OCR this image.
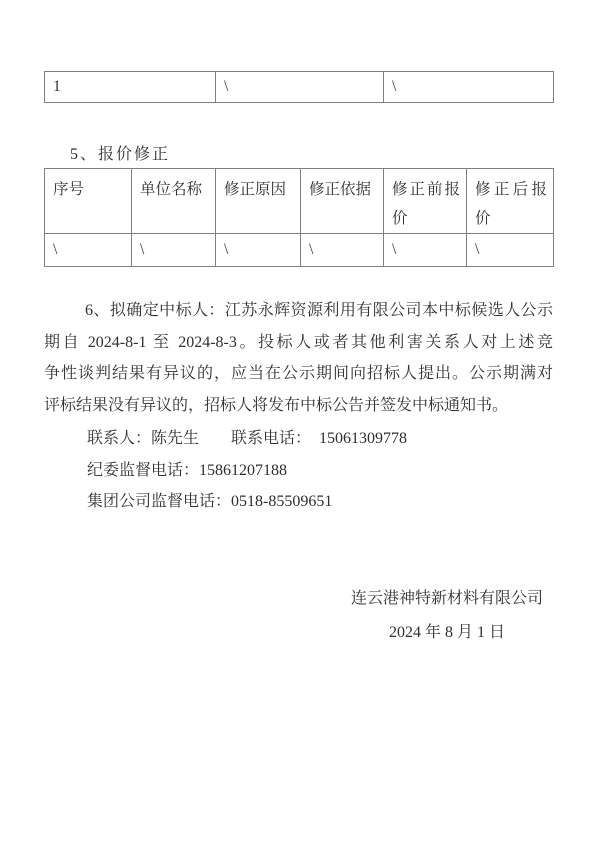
1	\	\
5、报价修正
序号	单位名称	修正原因	修正依据	修正前报价	修正后报价
\	\	\	\	\	\
6、拟确定中标人：江苏永辉资源利用有限公司本中标候选人公示
期自 2024-8-1 至 2024-8-3。投标人或者其他利害关系人对上述竞
争性谈判结果有异议的，应当在公示期间向招标人提出。公示期满对
评标结果没有异议的，招标人将发布中标公告并签发中标通知书。
联系人：陈先生　　联系电话：　15061309778
纪委监督电话：15861207188
集团公司监督电话：0518-85509651
连云港神特新材料有限公司
2024 年 8 月 1 日
